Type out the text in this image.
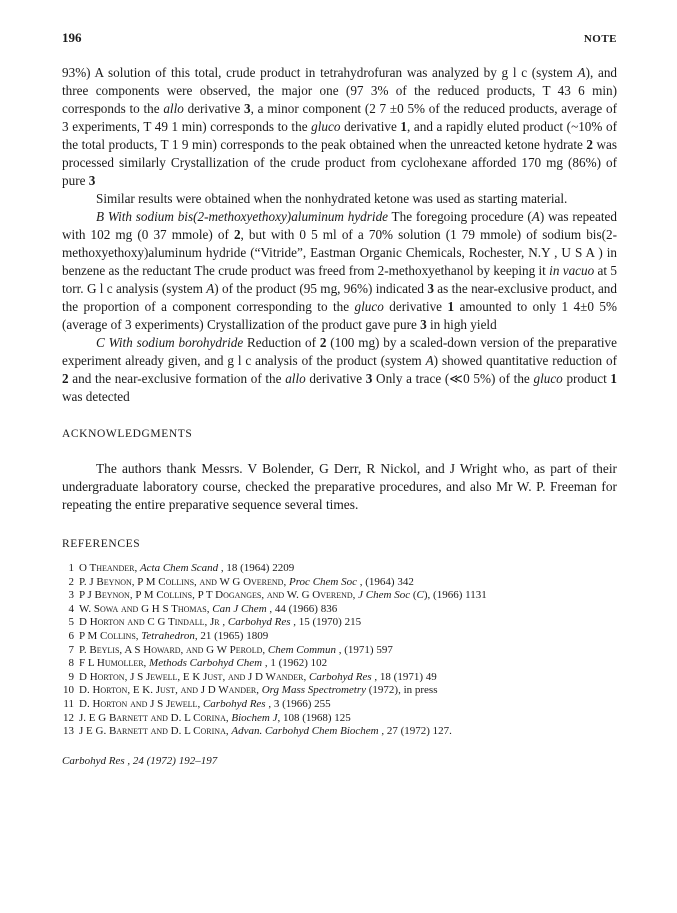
196	NOTE

93%) A solution of this total, crude product in tetrahydrofuran was analyzed by g l c (system A), and three components were observed, the major one (97 3% of the reduced products, T 43 6 min) corresponds to the allo derivative 3, a minor component (2 7 ±0 5% of the reduced products, average of 3 experiments, T 49 1 min) corresponds to the gluco derivative 1, and a rapidly eluted product (~10% of the total products, T 1 9 min) corresponds to the peak obtained when the unreacted ketone hydrate 2 was processed similarly Crystallization of the crude product from cyclohexane afforded 170 mg (86%) of pure 3

Similar results were obtained when the nonhydrated ketone was used as starting material.

B With sodium bis(2-methoxyethoxy)aluminum hydride The foregoing procedure (A) was repeated with 102 mg (0 37 mmole) of 2, but with 0 5 ml of a 70% solution (1 79 mmole) of sodium bis(2-methoxyethoxy)aluminum hydride (“Vitride”, Eastman Organic Chemicals, Rochester, N.Y , U S A ) in benzene as the reductant The crude product was freed from 2-methoxyethanol by keeping it in vacuo at 5 torr. G l c analysis (system A) of the product (95 mg, 96%) indicated 3 as the near-exclusive product, and the proportion of a component corresponding to the gluco derivative 1 amounted to only 1 4±0 5% (average of 3 experiments) Crystallization of the product gave pure 3 in high yield

C With sodium borohydride Reduction of 2 (100 mg) by a scaled-down version of the preparative experiment already given, and g l c analysis of the product (system A) showed quantitative reduction of 2 and the near-exclusive formation of the allo derivative 3 Only a trace (≪0 5%) of the gluco product 1 was detected

ACKNOWLEDGMENTS

The authors thank Messrs. V Bolender, G Derr, R Nickol, and J Wright who, as part of their undergraduate laboratory course, checked the preparative procedures, and also Mr W. P. Freeman for repeating the entire preparative sequence several times.

REFERENCES
1 O Theander, Acta Chem Scand , 18 (1964) 2209
2 P. J Beynon, P M Collins, and W G Overend, Proc Chem Soc , (1964) 342
3 P J Beynon, P M Collins, P T Doganges, and W. G Overend, J Chem Soc (C), (1966) 1131
4 W. Sowa and G H S Thomas, Can J Chem , 44 (1966) 836
5 D Horton and C G Tindall, Jr , Carbohyd Res , 15 (1970) 215
6 P M Collins, Tetrahedron, 21 (1965) 1809
7 P. Beylis, A S Howard, and G W Perold, Chem Commun , (1971) 597
8 F L Humoller, Methods Carbohyd Chem , 1 (1962) 102
9 D Horton, J S Jewell, E K Just, and J D Wander, Carbohyd Res , 18 (1971) 49
10 D. Horton, E K. Just, and J D Wander, Org Mass Spectrometry (1972), in press
11 D. Horton and J S Jewell, Carbohyd Res , 3 (1966) 255
12 J. E G Barnett and D. L Corina, Biochem J, 108 (1968) 125
13 J E G. Barnett and D. L Corina, Advan. Carbohyd Chem Biochem , 27 (1972) 127.
Carbohyd Res , 24 (1972) 192–197
